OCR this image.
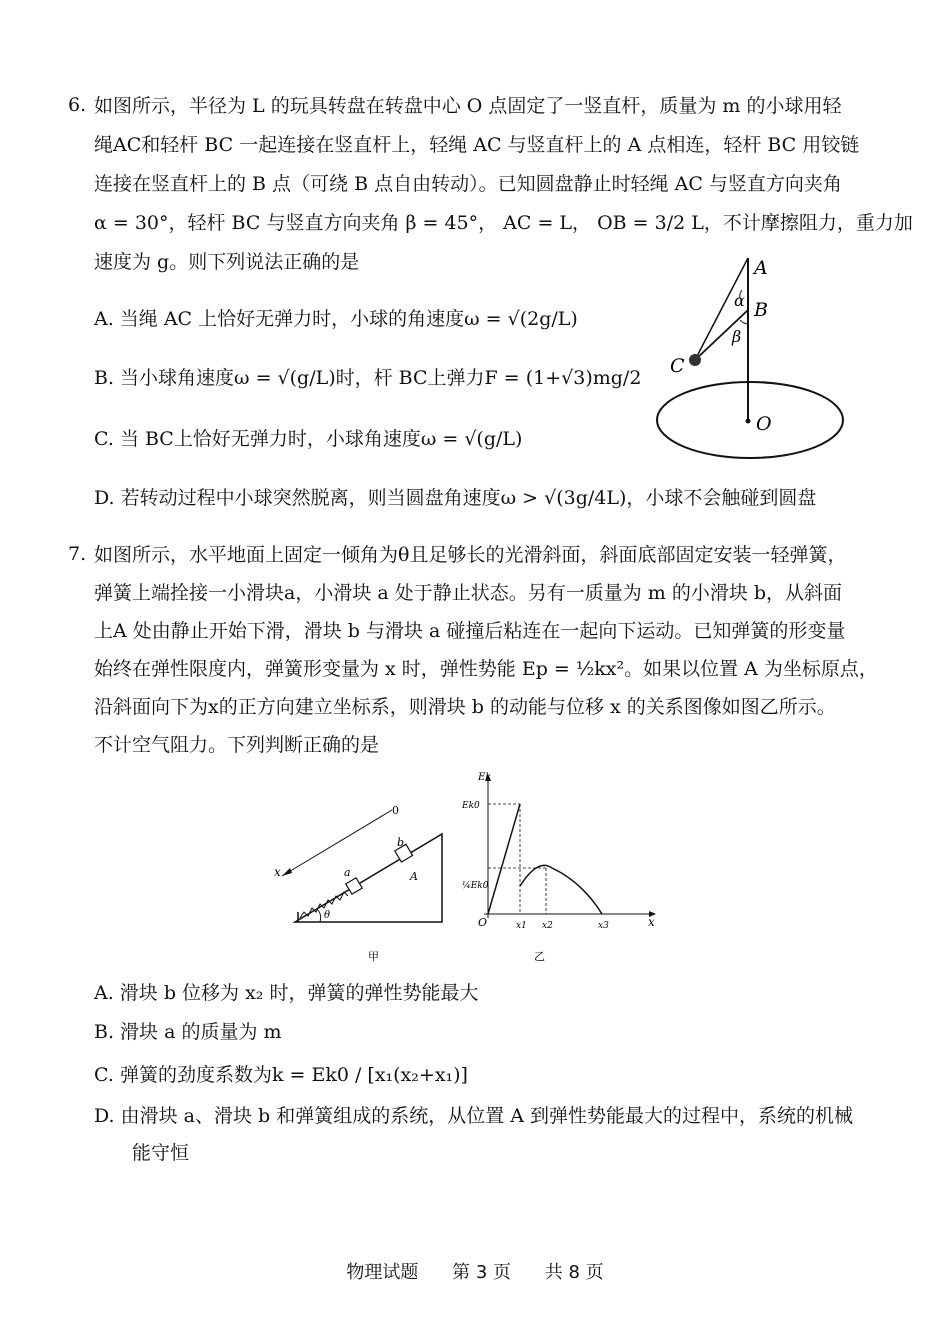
6. 如图所示，半径为 L 的玩具转盘在转盘中心 O 点固定了一竖直杆，质量为 m 的小球用轻
绳AC和轻杆 BC 一起连接在竖直杆上，轻绳 AC 与竖直杆上的 A 点相连，轻杆 BC 用铰链
连接在竖直杆上的 B 点（可绕 B 点自由转动）。已知圆盘静止时轻绳 AC 与竖直方向夹角
α = 30°，轻杆 BC 与竖直方向夹角 β = 45°， AC = L， OB = 3/2 L，不计摩擦阻力，重力加
速度为 g。则下列说法正确的是
A. 当绳 AC 上恰好无弹力时，小球的角速度ω = √(2g/L)
B. 当小球角速度ω = √(g/L)时，杆 BC上弹力F = (1+√3)mg/2
C. 当 BC上恰好无弹力时，小球角速度ω = √(g/L)
D. 若转动过程中小球突然脱离，则当圆盘角速度ω > √(3g/4L)，小球不会触碰到圆盘
A
B
C
O
α
β
7. 如图所示，水平地面上固定一倾角为θ且足够长的光滑斜面，斜面底部固定安装一轻弹簧，
弹簧上端拴接一小滑块a，小滑块 a 处于静止状态。另有一质量为 m 的小滑块 b，从斜面
上A 处由静止开始下滑，滑块 b 与滑块 a 碰撞后粘连在一起向下运动。已知弹簧的形变量
始终在弹性限度内，弹簧形变量为 x 时，弹性势能 Ep = ½kx²。如果以位置 A 为坐标原点，
沿斜面向下为x的正方向建立坐标系，则滑块 b 的动能与位移 x 的关系图像如图乙所示。
不计空气阻力。下列判断正确的是
0
x	a
b
A
θ
甲
Ek
Ek0
¼Ek0
O	x1 x2	x3	x
乙
A. 滑块 b 位移为 x₂ 时，弹簧的弹性势能最大
B. 滑块 a 的质量为 m
C. 弹簧的劲度系数为k = Ek0 / [x₁(x₂+x₁)]
D. 由滑块 a、滑块 b 和弹簧组成的系统，从位置 A 到弹性势能最大的过程中，系统的机械
能守恒
物理试题 第 3 页 共 8 页
